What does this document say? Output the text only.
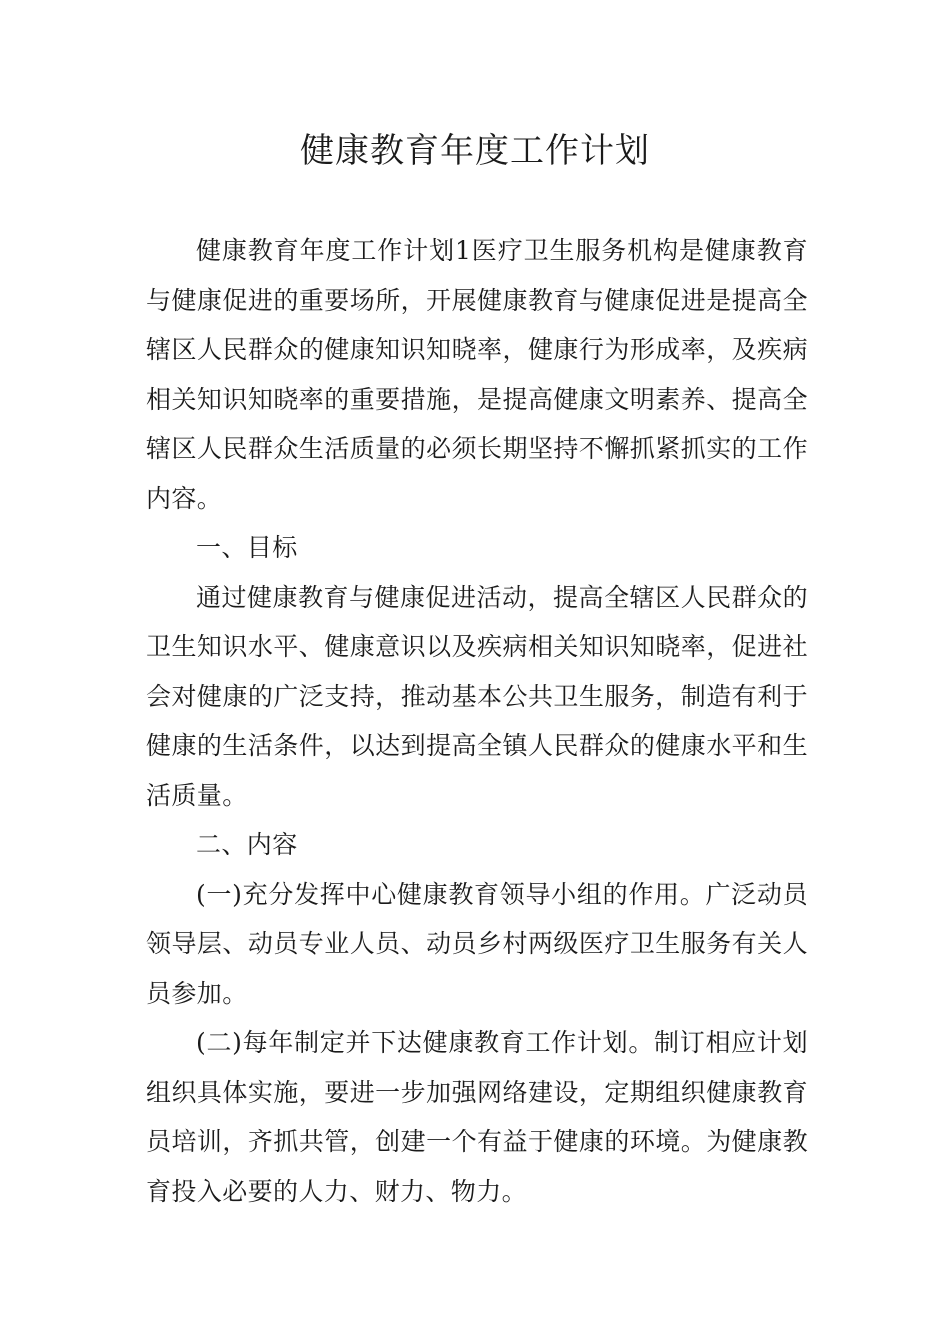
健康教育年度工作计划

健康教育年度工作计划1医疗卫生服务机构是健康教育与健康促进的重要场所，开展健康教育与健康促进是提高全辖区人民群众的健康知识知晓率，健康行为形成率，及疾病相关知识知晓率的重要措施，是提高健康文明素养、提高全辖区人民群众生活质量的必须长期坚持不懈抓紧抓实的工作内容。

一、目标

通过健康教育与健康促进活动，提高全辖区人民群众的卫生知识水平、健康意识以及疾病相关知识知晓率，促进社会对健康的广泛支持，推动基本公共卫生服务，制造有利于健康的生活条件，以达到提高全镇人民群众的健康水平和生活质量。

二、内容

(一)充分发挥中心健康教育领导小组的作用。广泛动员领导层、动员专业人员、动员乡村两级医疗卫生服务有关人员参加。

(二)每年制定并下达健康教育工作计划。制订相应计划组织具体实施，要进一步加强网络建设，定期组织健康教育员培训，齐抓共管，创建一个有益于健康的环境。为健康教育投入必要的人力、财力、物力。
